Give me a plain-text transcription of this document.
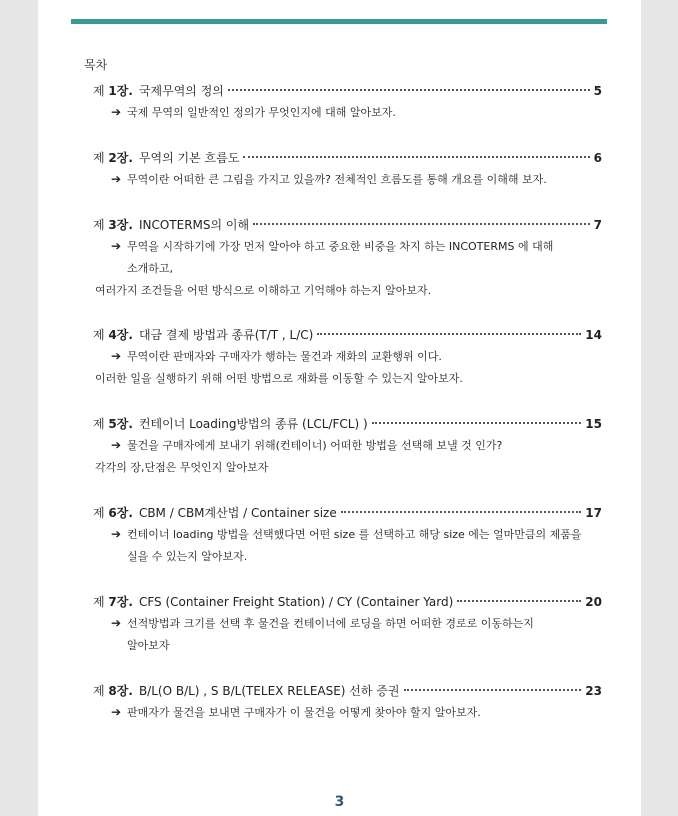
목차
제 1장. 국제무역의 정의	5
➔ 국제 무역의 일반적인 정의가 무엇인지에 대해 알아보자.
제 2장. 무역의 기본 흐름도	6
➔ 무역이란 어떠한 큰 그림을 가지고 있을까? 전체적인 흐름도를 통해 개요를 이해해 보자.
제 3장. INCOTERMS의 이해	7
➔ 무역을 시작하기에 가장 먼저 알아야 하고 중요한 비중을 차지 하는 INCOTERMS 에 대해
소개하고,
여러가지 조건들을 어떤 방식으로 이해하고 기억해야 하는지 알아보자.
제 4장. 대금 결제 방법과 종류(T/T , L/C)	14
➔ 무역이란 판매자와 구매자가 행하는 물건과 재화의 교환행위 이다.
이러한 일을 실행하기 위해 어떤 방법으로 재화를 이동할 수 있는지 알아보자.
제 5장. 컨테이너 Loading방법의 종류 (LCL/FCL) )	15
➔ 물건을 구매자에게 보내기 위해(컨테이너) 어떠한 방법을 선택해 보낼 것 인가?
각각의 장,단점은 무엇인지 알아보자
제 6장. CBM / CBM계산법 / Container size	17
➔ 컨테이너 loading 방법을 선택했다면 어떤 size 를 선택하고 해당 size 에는 얼마만큼의 제품을
실을 수 있는지 알아보자.
제 7장. CFS (Container Freight Station) / CY (Container Yard)	20
➔ 선적방법과 크기를 선택 후 물건을 컨테이너에 로딩을 하면 어떠한 경로로 이동하는지
알아보자
제 8장. B/L(O B/L) , S B/L(TELEX RELEASE) 선하 증권	23
➔ 판매자가 물건을 보내면 구매자가 이 물건을 어떻게 찾아야 할지 알아보자.
3
